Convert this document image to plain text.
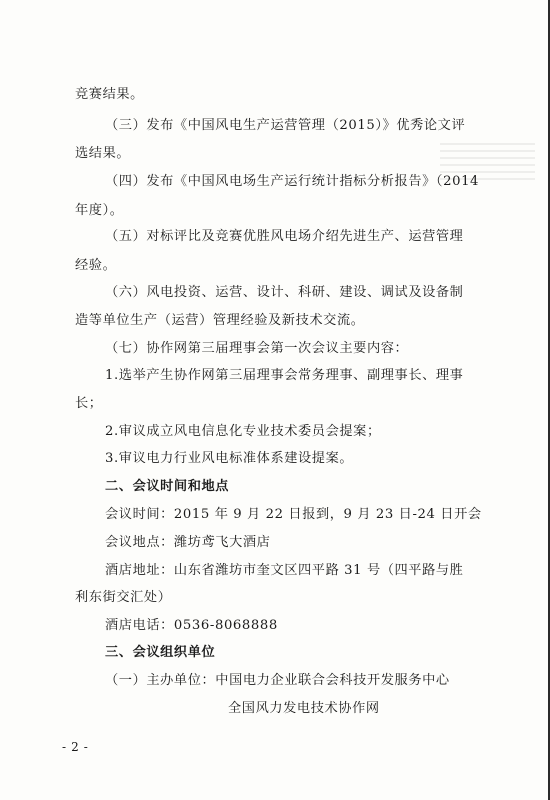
竞赛结果。
（三）发布《中国风电生产运营管理（2015）》优秀论文评
选结果。
（四）发布《中国风电场生产运行统计指标分析报告》（2014
年度）。
（五）对标评比及竞赛优胜风电场介绍先进生产、运营管理
经验。
（六）风电投资、运营、设计、科研、建设、调试及设备制
造等单位生产（运营）管理经验及新技术交流。
（七）协作网第三届理事会第一次会议主要内容：
1.选举产生协作网第三届理事会常务理事、副理事长、理事
长；
2.审议成立风电信息化专业技术委员会提案；
3.审议电力行业风电标准体系建设提案。
二、会议时间和地点
会议时间：2015 年 9 月 22 日报到，9 月 23 日-24 日开会
会议地点：潍坊鸢飞大酒店
酒店地址：山东省潍坊市奎文区四平路 31 号（四平路与胜
利东街交汇处）
酒店电话：0536-8068888
三、会议组织单位
（一）主办单位：中国电力企业联合会科技开发服务中心
全国风力发电技术协作网
- 2 -
